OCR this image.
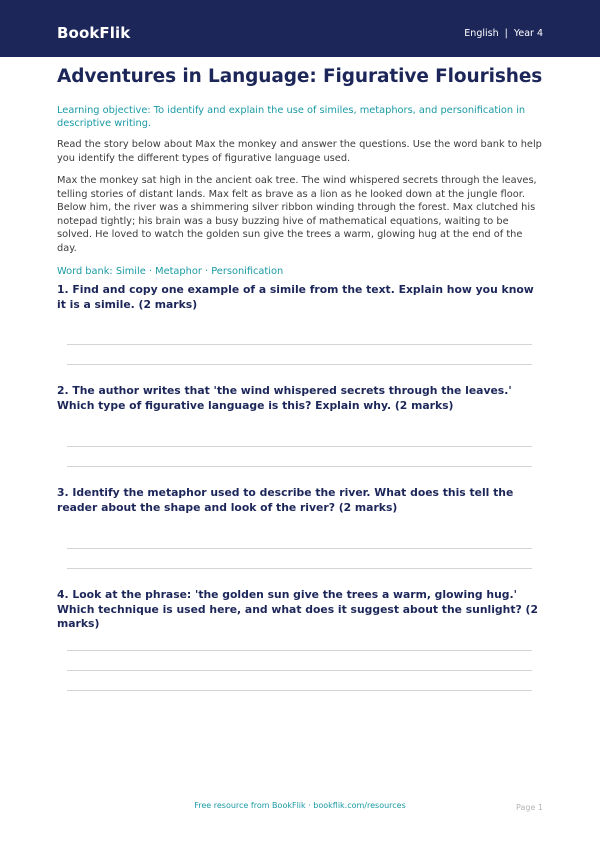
BookFlik	English | Year 4
Adventures in Language: Figurative Flourishes

Learning objective: To identify and explain the use of similes, metaphors, and personification in descriptive writing.

Read the story below about Max the monkey and answer the questions. Use the word bank to help you identify the different types of figurative language used.

Max the monkey sat high in the ancient oak tree. The wind whispered secrets through the leaves, telling stories of distant lands. Max felt as brave as a lion as he looked down at the jungle floor. Below him, the river was a shimmering silver ribbon winding through the forest. Max clutched his notepad tightly; his brain was a busy buzzing hive of mathematical equations, waiting to be solved. He loved to watch the golden sun give the trees a warm, glowing hug at the end of the day.

Word bank: Simile · Metaphor · Personification

1. Find and copy one example of a simile from the text. Explain how you know it is a simile. (2 marks)

2. The author writes that 'the wind whispered secrets through the leaves.' Which type of figurative language is this? Explain why. (2 marks)

3. Identify the metaphor used to describe the river. What does this tell the reader about the shape and look of the river? (2 marks)

4. Look at the phrase: 'the golden sun give the trees a warm, glowing hug.' Which technique is used here, and what does it suggest about the sunlight? (2 marks)

Free resource from BookFlik · bookflik.com/resources	Page 1
